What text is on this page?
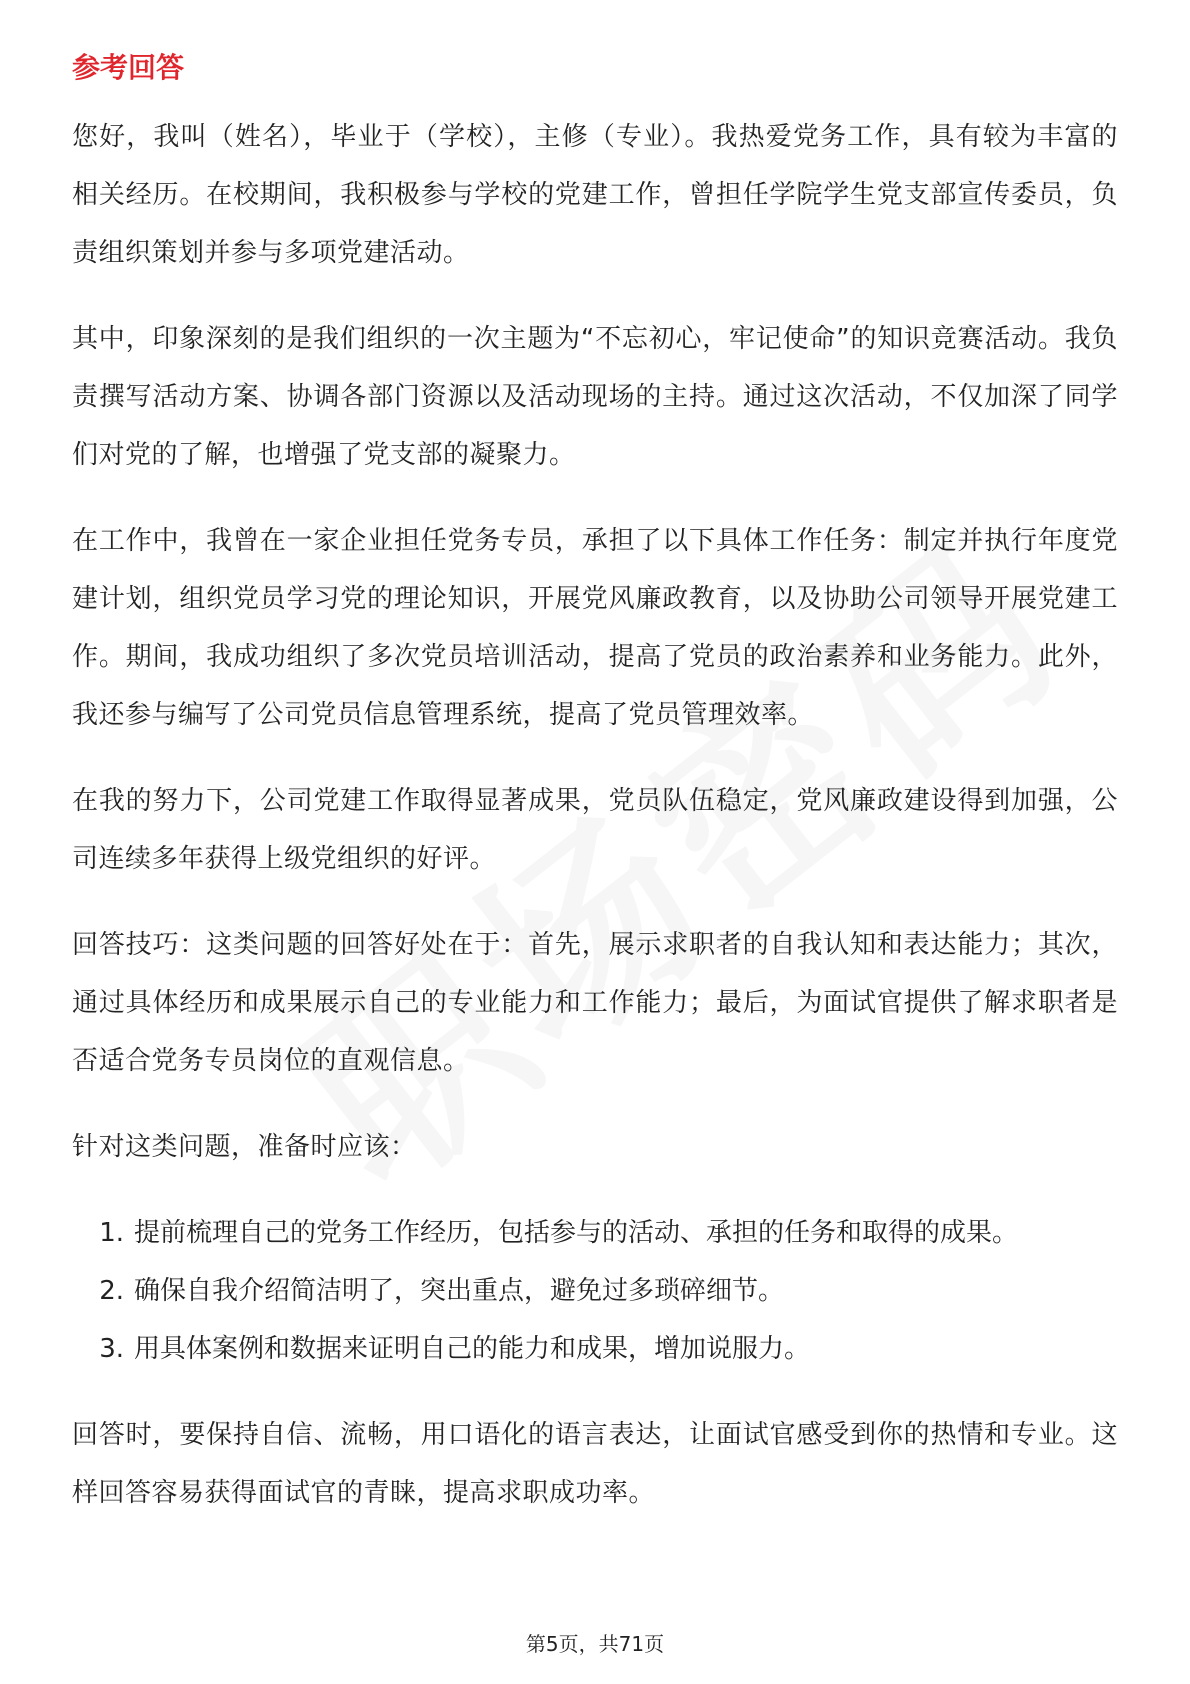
参考回答

您好，我叫（姓名），毕业于（学校），主修（专业）。我热爱党务工作，具有较为丰富的相关经历。在校期间，我积极参与学校的党建工作，曾担任学院学生党支部宣传委员，负责组织策划并参与多项党建活动。

其中，印象深刻的是我们组织的一次主题为“不忘初心，牢记使命”的知识竞赛活动。我负责撰写活动方案、协调各部门资源以及活动现场的主持。通过这次活动，不仅加深了同学们对党的了解，也增强了党支部的凝聚力。

在工作中，我曾在一家企业担任党务专员，承担了以下具体工作任务：制定并执行年度党建计划，组织党员学习党的理论知识，开展党风廉政教育，以及协助公司领导开展党建工作。期间，我成功组织了多次党员培训活动，提高了党员的政治素养和业务能力。此外，我还参与编写了公司党员信息管理系统，提高了党员管理效率。

在我的努力下，公司党建工作取得显著成果，党员队伍稳定，党风廉政建设得到加强，公司连续多年获得上级党组织的好评。

回答技巧：这类问题的回答好处在于：首先，展示求职者的自我认知和表达能力；其次，通过具体经历和成果展示自己的专业能力和工作能力；最后，为面试官提供了解求职者是否适合党务专员岗位的直观信息。

针对这类问题，准备时应该：

1. 提前梳理自己的党务工作经历，包括参与的活动、承担的任务和取得的成果。
2. 确保自我介绍简洁明了，突出重点，避免过多琐碎细节。
3. 用具体案例和数据来证明自己的能力和成果，增加说服力。

回答时，要保持自信、流畅，用口语化的语言表达，让面试官感受到你的热情和专业。这样回答容易获得面试官的青睐，提高求职成功率。

第5页，共71页
